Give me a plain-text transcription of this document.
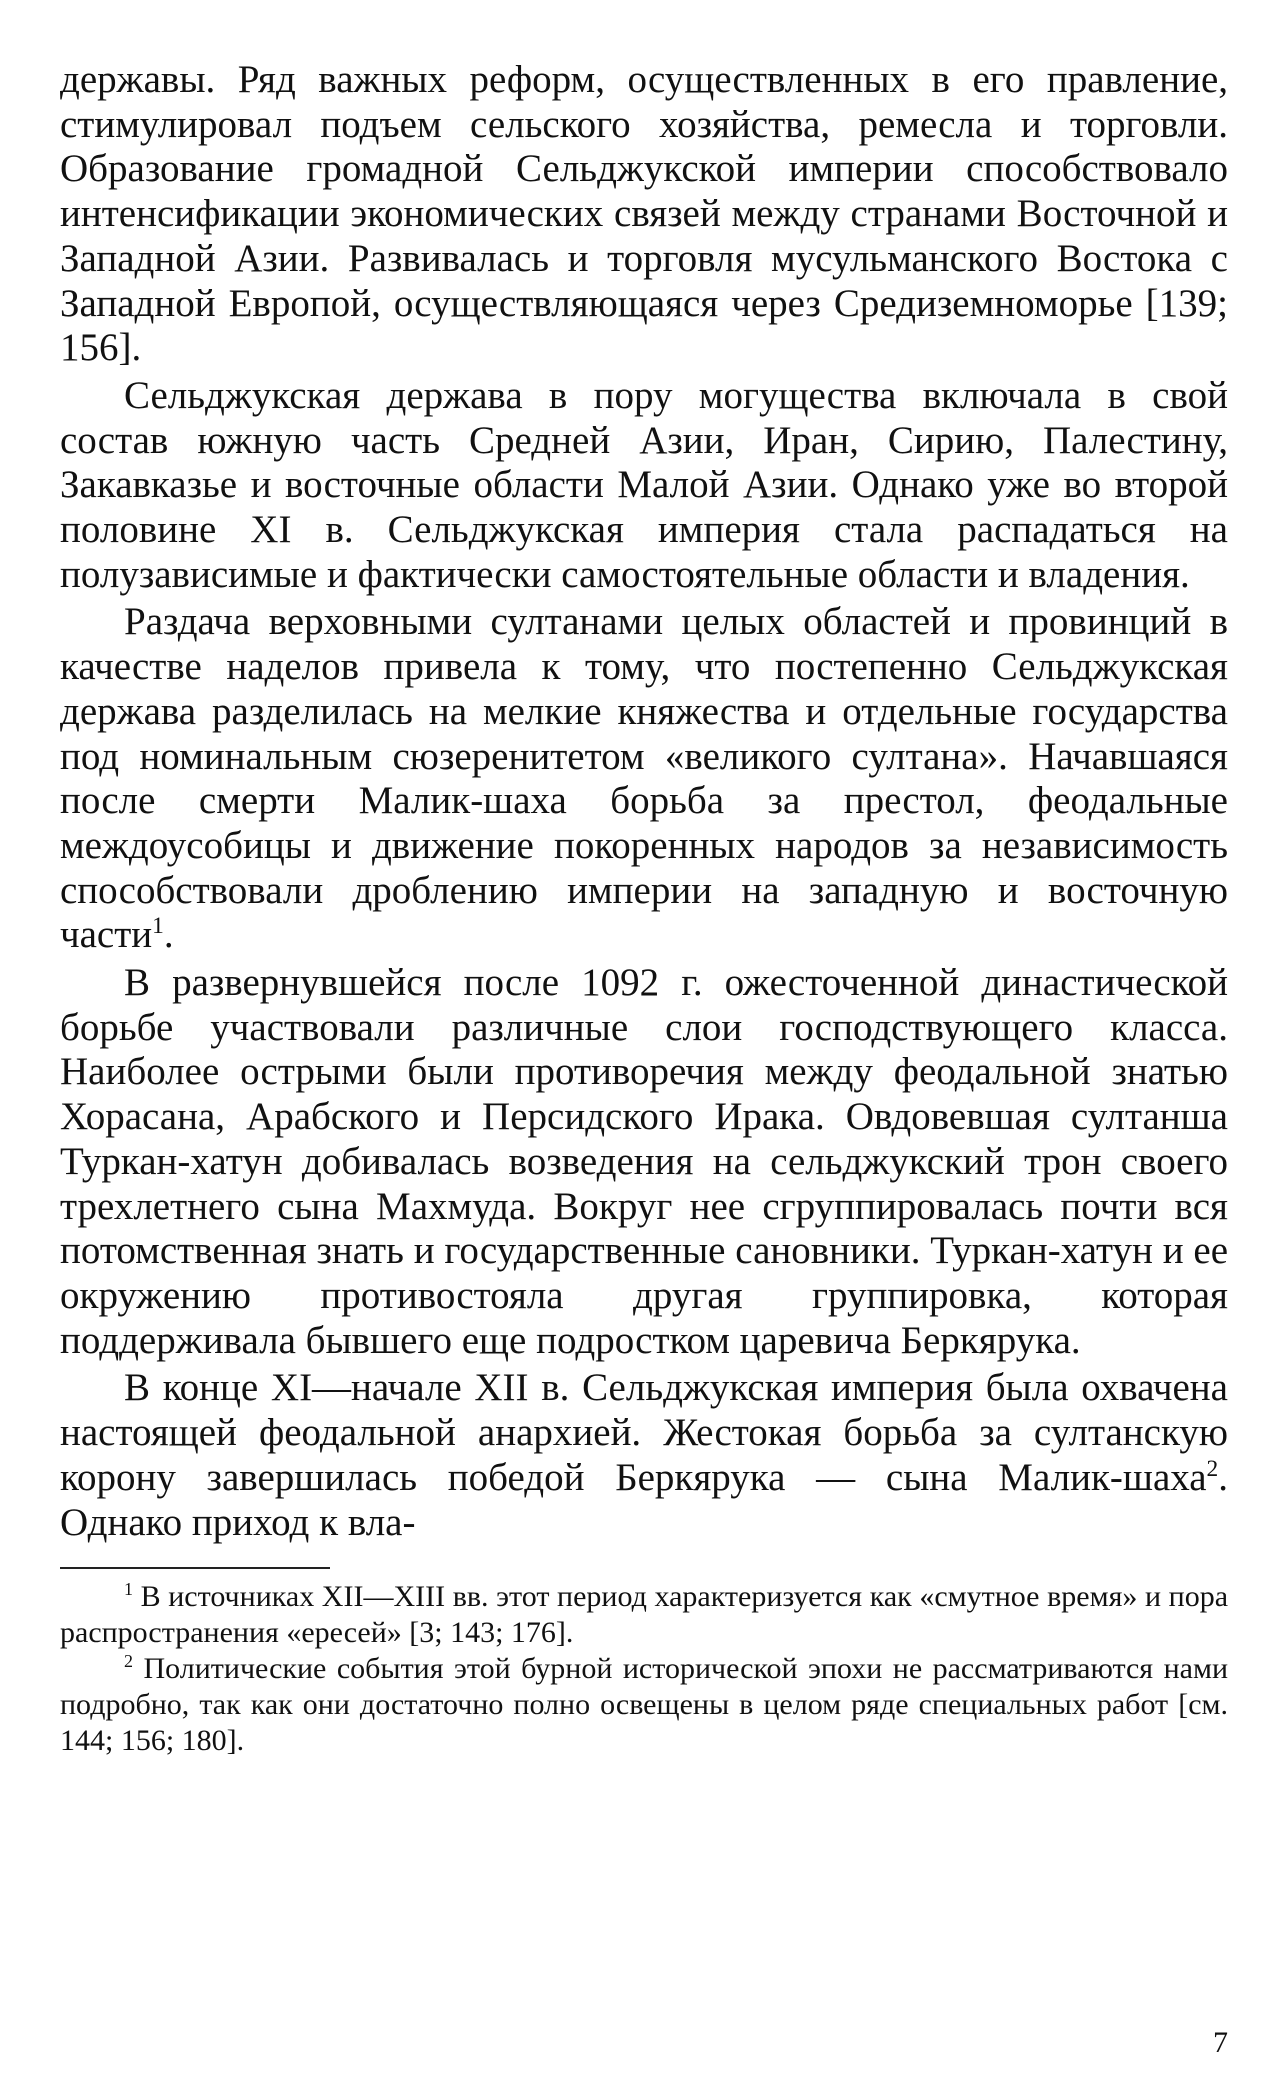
державы. Ряд важных реформ, осуществленных в его правление, стимулировал подъем сельского хозяйства, ремесла и торговли. Образование громадной Сельджукской империи способствовало интенсификации экономических связей между странами Восточной и Западной Азии. Развивалась и торговля мусульманского Востока с Западной Европой, осуществляющаяся через Средиземноморье [139; 156].

Сельджукская держава в пору могущества включала в свой состав южную часть Средней Азии, Иран, Сирию, Палестину, Закавказье и восточные области Малой Азии. Однако уже во второй половине XI в. Сельджукская империя стала распадаться на полузависимые и фактически самостоятельные области и владения.

Раздача верховными султанами целых областей и провинций в качестве наделов привела к тому, что постепенно Сельджукская держава разделилась на мелкие княжества и отдельные государства под номинальным сюзеренитетом «великого султана». Начавшаяся после смерти Малик-шаха борьба за престол, феодальные междоусобицы и движение покоренных народов за независимость способствовали дроблению империи на западную и восточную части$^1$.

В развернувшейся после 1092 г. ожесточенной династической борьбе участвовали различные слои господствующего класса. Наиболее острыми были противоречия между феодальной знатью Хорасана, Арабского и Персидского Ирака. Овдовевшая султанша Туркан-хатун добивалась возведения на сельджукский трон своего трехлетнего сына Махмуда. Вокруг нее сгруппировалась почти вся потомственная знать и государственные сановники. Туркан-хатун и ее окружению противостояла другая группировка, которая поддерживала бывшего еще подростком царевича Беркярука.

В конце XI—начале XII в. Сельджукская империя была охвачена настоящей феодальной анархией. Жестокая борьба за султанскую корону завершилась победой Беркярука — сына Малик-шаха$^2$. Однако приход к вла-

$^1$ В источниках XII—XIII вв. этот период характеризуется как «смутное время» и пора распространения «ересей» [3; 143; 176].

$^2$ Политические события этой бурной исторической эпохи не рассматриваются нами подробно, так как они достаточно полно освещены в целом ряде специальных работ [см. 144; 156; 180].

7
